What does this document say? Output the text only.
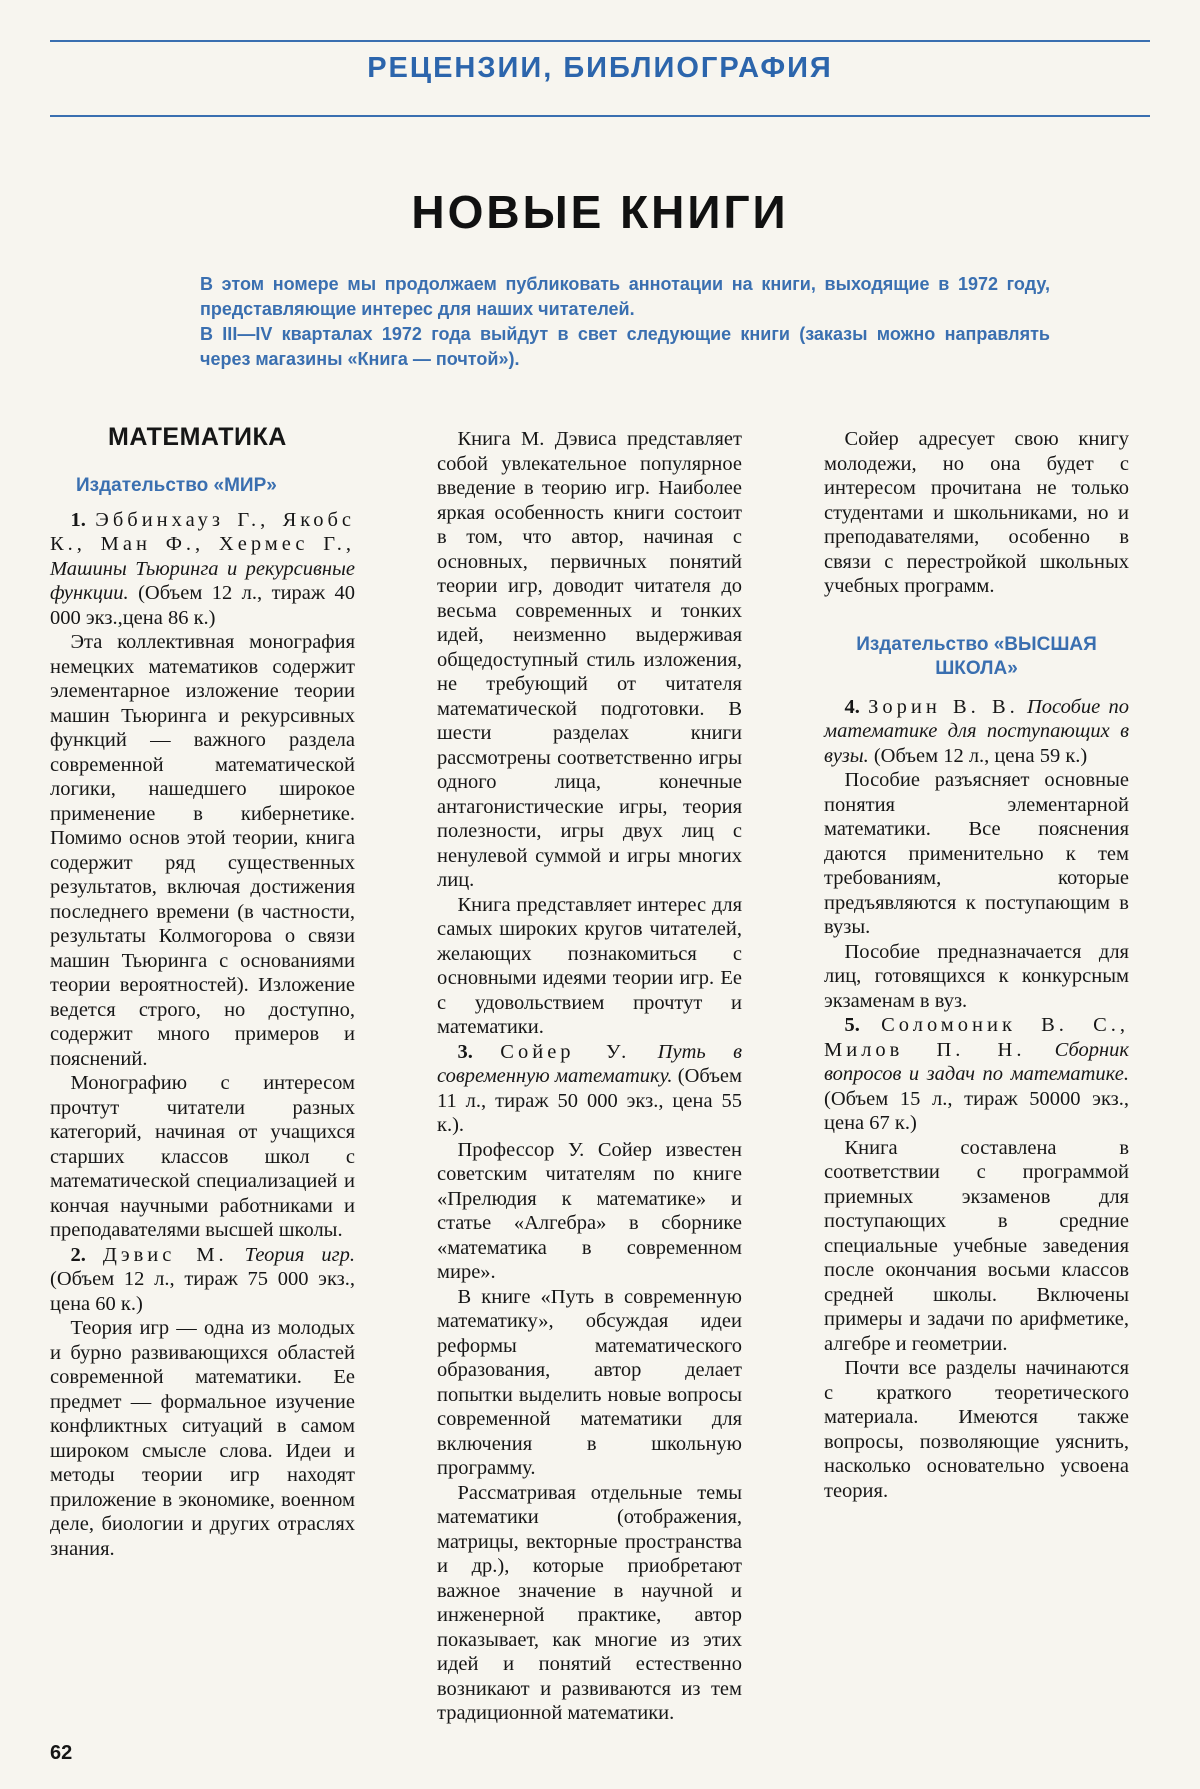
РЕЦЕНЗИИ, БИБЛИОГРАФИЯ
НОВЫЕ КНИГИ

В этом номере мы продолжаем публиковать аннотации на книги, выходящие в 1972 году, представляющие интерес для наших читателей.

В III—IV кварталах 1972 года выйдут в свет следующие книги (заказы можно направлять через магазины «Книга — почтой»).

МАТЕМАТИКА
Издательство «МИР»

1. Эббинхауз Г., Якобс К., Ман Ф., Хермес Г., Машины Тьюринга и рекурсивные функции. (Объем 12 л., тираж 40 000 экз.,цена 86 к.)

Эта коллективная монография немецких математиков содержит элементарное изложение теории машин Тьюринга и рекурсивных функций — важного раздела современной математической логики, нашедшего широкое применение в кибернетике. Помимо основ этой теории, книга содержит ряд существенных результатов, включая достижения последнего времени (в частности, результаты Колмогорова о связи машин Тьюринга с основаниями теории вероятностей). Изложение ведется строго, но доступно, содержит много примеров и пояснений.

Монографию с интересом прочтут читатели разных категорий, начиная от учащихся старших классов школ с математической специализацией и кончая научными работниками и преподавателями высшей школы.

2. Дэвис М. Теория игр. (Объем 12 л., тираж 75 000 экз., цена 60 к.)

Теория игр — одна из молодых и бурно развивающихся областей современной математики. Ее предмет — формальное изучение конфликтных ситуаций в самом широком смысле слова. Идеи и методы теории игр находят приложение в экономике, военном деле, биологии и других отраслях знания.

Книга М. Дэвиса представляет собой увлекательное популярное введение в теорию игр. Наиболее яркая особенность книги состоит в том, что автор, начиная с основных, первичных понятий теории игр, доводит читателя до весьма современных и тонких идей, неизменно выдерживая общедоступный стиль изложения, не требующий от читателя математической подготовки. В шести разделах книги рассмотрены соответственно игры одного лица, конечные антагонистические игры, теория полезности, игры двух лиц с ненулевой суммой и игры многих лиц.

Книга представляет интерес для самых широких кругов читателей, желающих познакомиться с основными идеями теории игр. Ее с удовольствием прочтут и математики.

3. Сойер У. Путь в современную математику. (Объем 11 л., тираж 50 000 экз., цена 55 к.).

Профессор У. Сойер известен советским читателям по книге «Прелюдия к математике» и статье «Алгебра» в сборнике «математика в современном мире».

В книге «Путь в современную математику», обсуждая идеи реформы математического образования, автор делает попытки выделить новые вопросы современной математики для включения в школьную программу.

Рассматривая отдельные темы математики (отображения, матрицы, векторные пространства и др.), которые приобретают важное значение в научной и инженерной практике, автор показывает, как многие из этих идей и понятий естественно возникают и развиваются из тем традиционной математики.

Сойер адресует свою книгу молодежи, но она будет с интересом прочитана не только студентами и школьниками, но и преподавателями, особенно в связи с перестройкой школьных учебных программ.

Издательство «ВЫСШАЯ ШКОЛА»

4. Зорин В. В. Пособие по математике для поступающих в вузы. (Объем 12 л., цена 59 к.)

Пособие разъясняет основные понятия элементарной математики. Все пояснения даются применительно к тем требованиям, которые предъявляются к поступающим в вузы.

Пособие предназначается для лиц, готовящихся к конкурсным экзаменам в вуз.

5. Соломоник В. С., Милов П. Н. Сборник вопросов и задач по математике. (Объем 15 л., тираж 50000 экз., цена 67 к.)

Книга составлена в соответствии с программой приемных экзаменов для поступающих в средние специальные учебные заведения после окончания восьми классов средней школы. Включены примеры и задачи по арифметике, алгебре и геометрии.

Почти все разделы начинаются с краткого теоретического материала. Имеются также вопросы, позволяющие уяснить, насколько основательно усвоена теория.

62
